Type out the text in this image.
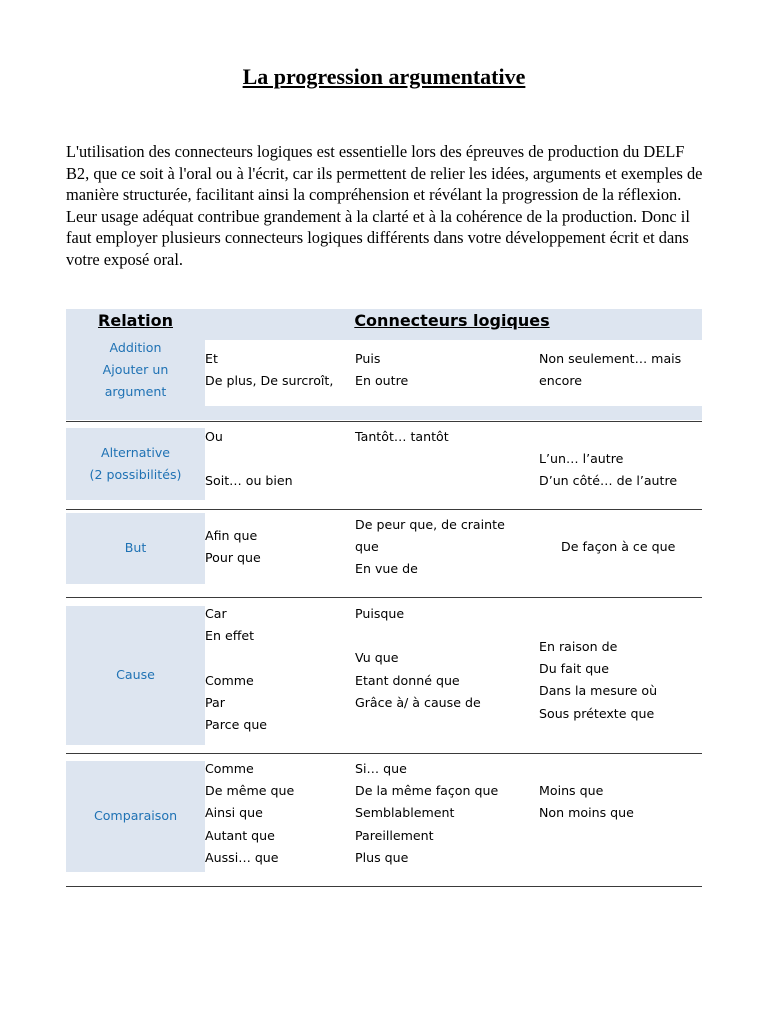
La progression argumentative

L'utilisation des connecteurs logiques est essentielle lors des épreuves de production du DELF B2, que ce soit à l'oral ou à l'écrit, car ils permettent de relier les idées, arguments et exemples de manière structurée, facilitant ainsi la compréhension et révélant la progression de la réflexion. Leur usage adéquat contribue grandement à la clarté et à la cohérence de la production. Donc il faut employer plusieurs connecteurs logiques différents dans votre développement écrit et dans votre exposé oral.

Relation	Connecteurs logiques
Addition
Ajouter un
argument
Et
De plus, De surcroît,
Puis
En outre
Non seulement… mais
encore
Alternative
(2 possibilités)
Ou
Soit… ou bien
Tantôt… tantôt
L’un… l’autre
D’un côté… de l’autre
But
Afin que
Pour que
De peur que, de crainte
que
En vue de
De façon à ce que
Cause
Car
En effet
Comme
Par
Parce que
Puisque
Vu que
Etant donné que
Grâce à/ à cause de
En raison de
Du fait que
Dans la mesure où
Sous prétexte que
Comparaison
Comme
De même que
Ainsi que
Autant que
Aussi… que
Si… que
De la même façon que
Semblablement
Pareillement
Plus que
Moins que
Non moins que
